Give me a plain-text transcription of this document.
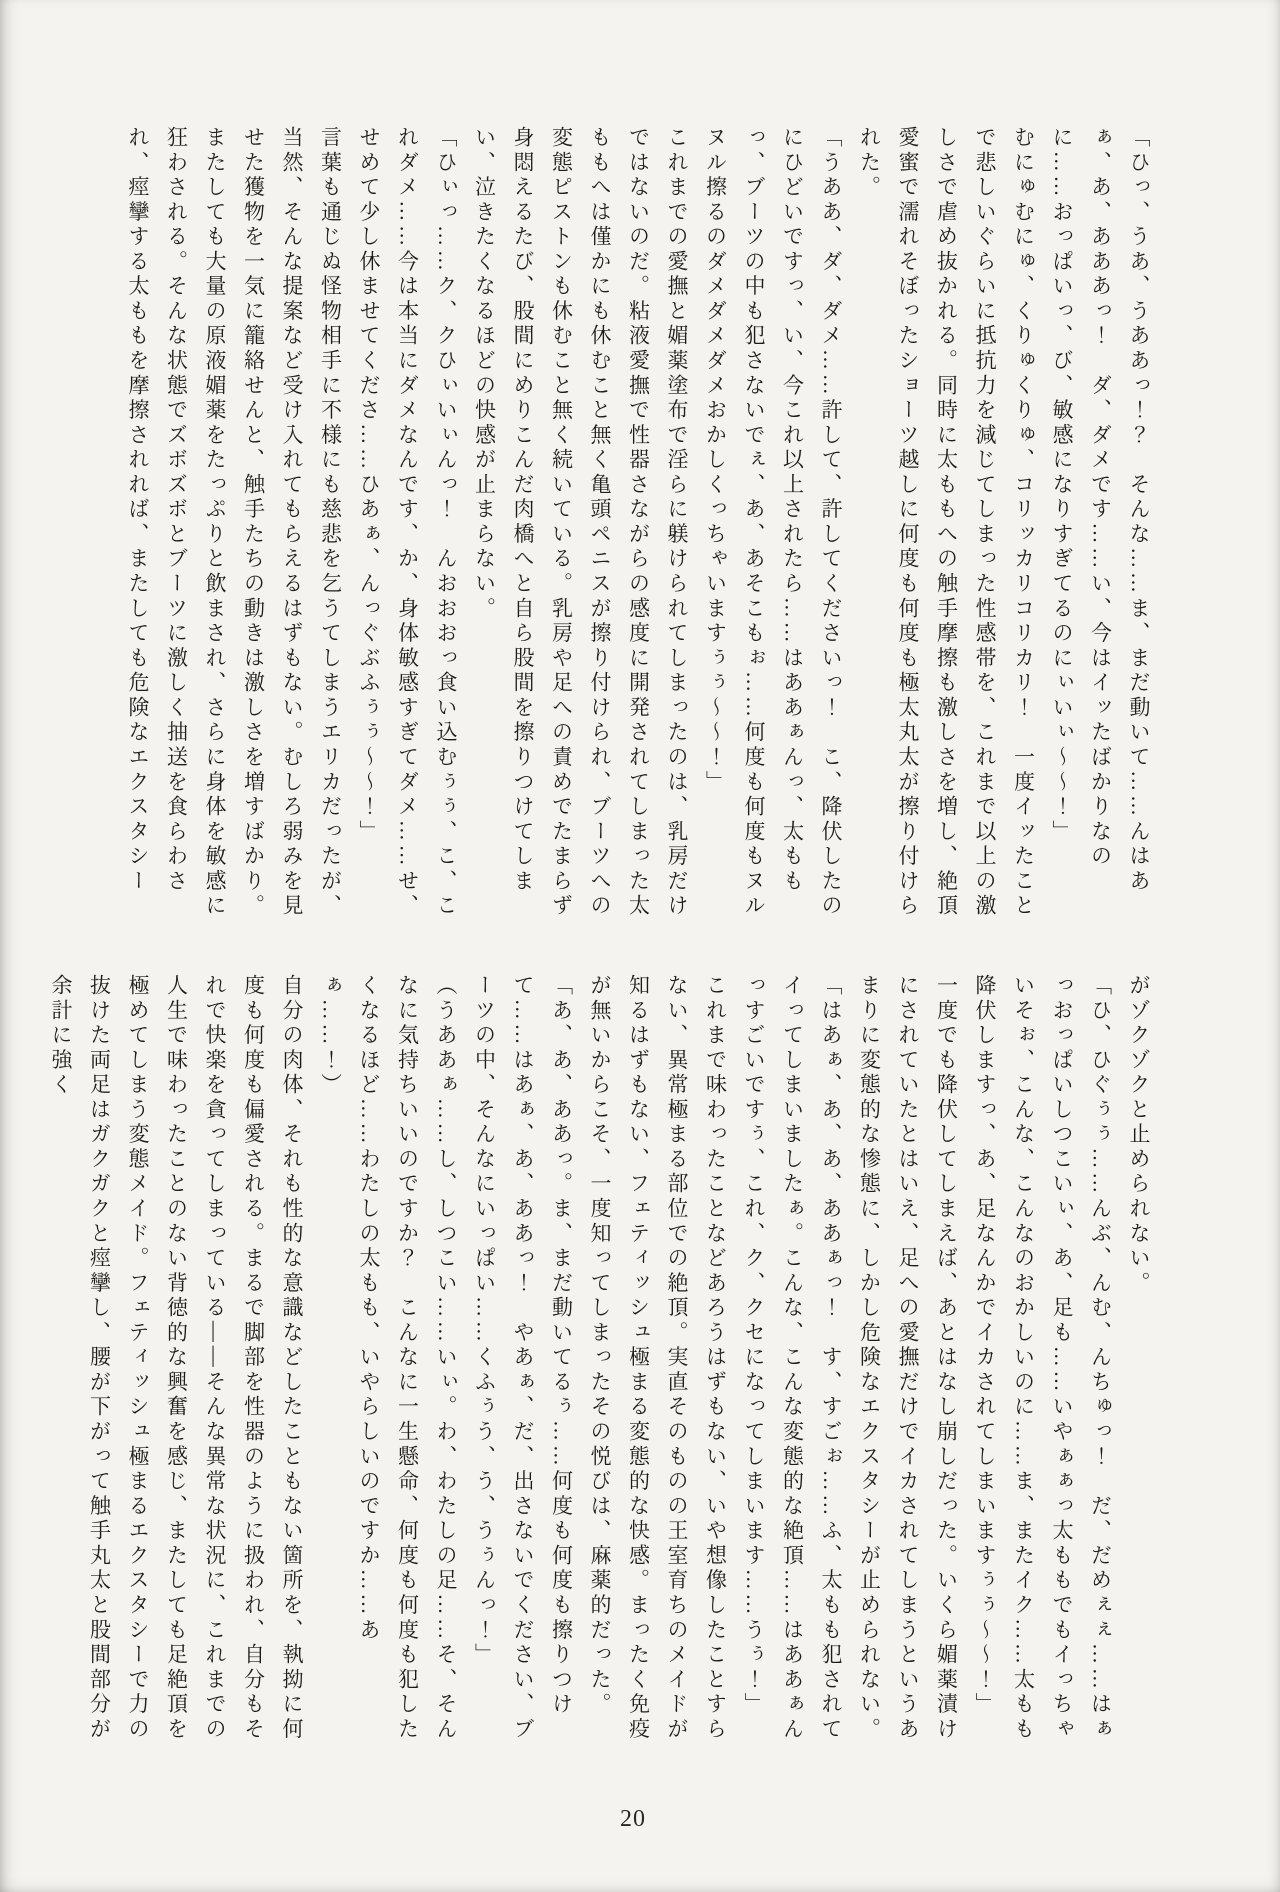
「ひっ、うあ、うああっ！？　そんな……ま、まだ動いて……んはあぁ、あ、あああっ！　ダ、ダメです……い、今はイッたばかりなのに……おっぱいっ、び、敏感になりすぎてるのにぃいぃ〜〜！」

むにゅむにゅ、くりゅくりゅ、コリッカリコリカリ！　一度イッたことで悲しいぐらいに抵抗力を減じてしまった性感帯を、これまで以上の激しさで虐め抜かれる。同時に太ももへの触手摩擦も激しさを増し、絶頂愛蜜で濡れそぼったショーツ越しに何度も何度も極太丸太が擦り付けられた。

「うああ、ダ、ダメ……許して、許してくださいっ！　こ、降伏したのにひどいですっ、い、今これ以上されたら……はああぁんっ、太ももっ、ブーツの中も犯さないでぇ、あ、あそこもぉ……何度も何度もヌルヌル擦るのダメダメダメおかしくっちゃいますぅぅ〜〜！」

これまでの愛撫と媚薬塗布で淫らに躾けられてしまったのは、乳房だけではないのだ。粘液愛撫で性器さながらの感度に開発されてしまった太ももへは僅かにも休むこと無く亀頭ペニスが擦り付けられ、ブーツへの変態ピストンも休むこと無く続いている。乳房や足への責めでたまらず身悶えるたび、股間にめりこんだ肉橋へと自ら股間を擦りつけてしまい、泣きたくなるほどの快感が止まらない。

「ひぃっ……ク、クひぃいぃんっ！　んおおおっ食い込むぅぅ、こ、これダメ……今は本当にダメなんです、か、身体敏感すぎてダメ……せ、せめて少し休ませてくださ……ひあぁ、んっぐぶふぅぅ〜〜！」

言葉も通じぬ怪物相手に不様にも慈悲を乞うてしまうエリカだったが、当然、そんな提案など受け入れてもらえるはずもない。むしろ弱みを見せた獲物を一気に籠絡せんと、触手たちの動きは激しさを増すばかり。またしても大量の原液媚薬をたっぷりと飲まされ、さらに身体を敏感に狂わされる。そんな状態でズボズボとブーツに激しく抽送を食らわされ、痙攣する太ももを摩擦されれば、またしても危険なエクスタシー

がゾクゾクと止められない。

「ひ、ひぐぅぅ……んぶ、んむ、んちゅっ！　だ、だめぇぇ……はぁっおっぱいしつこいぃ、あ、足も……いやぁぁっ太ももでもイっちゃいそぉ、こんな、こんなのおかしいのに……ま、またイク……太もも降伏しますっ、あ、足なんかでイカされてしまいますぅぅ〜〜！」

一度でも降伏してしまえば、あとはなし崩しだった。いくら媚薬漬けにされていたとはいえ、足への愛撫だけでイカされてしまうというあまりに変態的な惨態に、しかし危険なエクスタシーが止められない。

「はあぁ、あ、あ、ああぁっ！　す、すごぉ……ふ、太もも犯されてイってしまいましたぁ。こんな、こんな変態的な絶頂……はああぁんっすごいですぅ、これ、ク、クセになってしまいます……うぅ！」

これまで味わったことなどあろうはずもない、いや想像したことすらない、異常極まる部位での絶頂。実直そのものの王室育ちのメイドが知るはずもない、フェティッシュ極まる変態的な快感。まったく免疫が無いからこそ、一度知ってしまったその悦びは、麻薬的だった。

「あ、あ、ああっ。ま、まだ動いてるぅ……何度も何度も擦りつけて……はあぁ、あ、ああっ！　やあぁ、だ、出さないでください、ブーツの中、そんなにいっぱい……くふぅう、う、うぅんっ！」

（うああぁ……し、しつこい……いぃ。わ、わたしの足……そ、そんなに気持ちいいのですか？　こんなに一生懸命、何度も何度も犯したくなるほど……わたしの太もも、いやらしいのですか……あぁ……！）

自分の肉体、それも性的な意識などしたこともない箇所を、執拗に何度も何度も偏愛される。まるで脚部を性器のように扱われ、自分もそれで快楽を貪ってしまっている――そんな異常な状況に、これまでの人生で味わったことのない背徳的な興奮を感じ、またしても足絶頂を極めてしまう変態メイド。フェティッシュ極まるエクスタシーで力の抜けた両足はガクガクと痙攣し、腰が下がって触手丸太と股間部分が余計に強く

20
